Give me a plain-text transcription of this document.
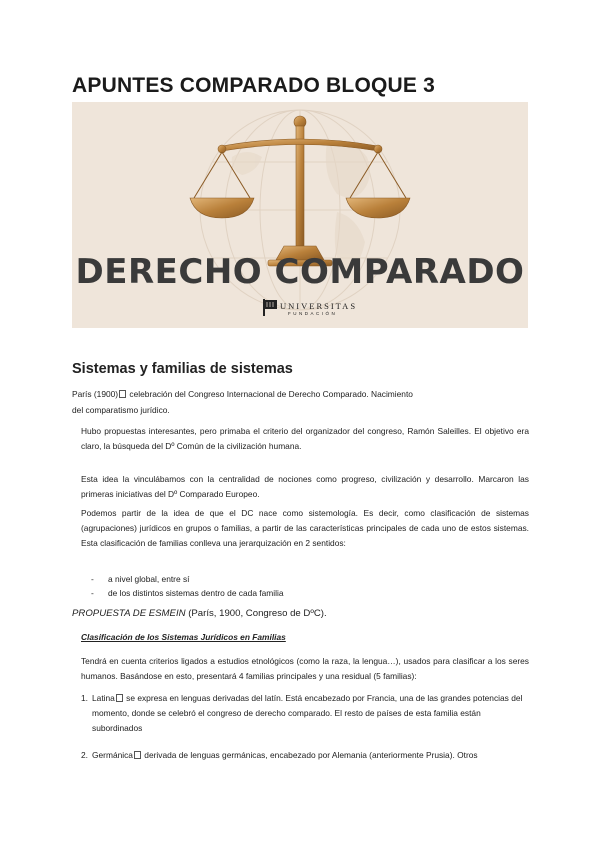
APUNTES COMPARADO BLOQUE 3
DERECHO COMPARADO
UNIVERSITAS
FUNDACIÓN
Sistemas y familias de sistemas
París (1900) celebración del Congreso Internacional de Derecho Comparado. Nacimiento
del comparatismo jurídico.
Hubo propuestas interesantes, pero primaba el criterio del organizador del congreso, Ramón Saleilles. El objetivo era claro, la búsqueda del Dº Común de la civilización humana.
Esta idea la vinculábamos con la centralidad de nociones como progreso, civilización y desarrollo. Marcaron las primeras iniciativas del Dº Comparado Europeo.
Podemos partir de la idea de que el DC nace como sistemología. Es decir, como clasificación de sistemas (agrupaciones) jurídicos en grupos o familias, a partir de las características principales de cada uno de estos sistemas. Esta clasificación de familias conlleva una jerarquización en 2 sentidos:
- a nivel global, entre sí
- de los distintos sistemas dentro de cada familia
PROPUESTA DE ESMEIN (París, 1900, Congreso de DºC).
Clasificación de los Sistemas Jurídicos en Familias
Tendrá en cuenta criterios ligados a estudios etnológicos (como la raza, la lengua…), usados para clasificar a los seres humanos. Basándose en esto, presentará 4 familias principales y una residual (5 familias):
1. Latina se expresa en lenguas derivadas del latín. Está encabezado por Francia, una de las grandes potencias del momento, donde se celebró el congreso de derecho comparado. El resto de países de esta familia están subordinados
2. Germánica derivada de lenguas germánicas, encabezado por Alemania (anteriormente Prusia). Otros
